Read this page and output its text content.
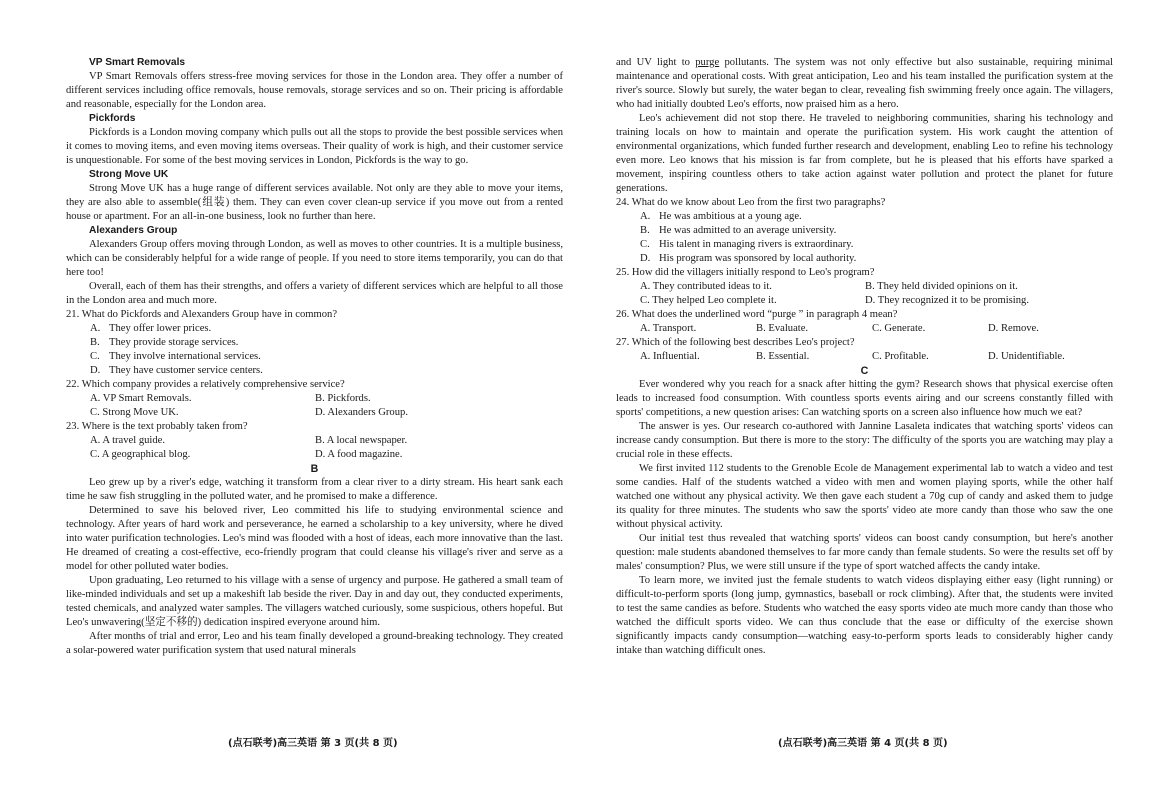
VP Smart Removals

VP Smart Removals offers stress-free moving services for those in the London area. They offer a number of different services including office removals, house removals, storage services and so on. Their pricing is affordable and reasonable, especially for the London area.

Pickfords

Pickfords is a London moving company which pulls out all the stops to provide the best possible services when it comes to moving items, and even moving items overseas. Their quality of work is high, and their customer service is unquestionable. For some of the best moving services in London, Pickfords is the way to go.

Strong Move UK

Strong Move UK has a huge range of different services available. Not only are they able to move your items, they are also able to assemble(组装) them. They can even cover clean-up service if you move out from a rented house or apartment. For an all-in-one business, look no further than here.

Alexanders Group

Alexanders Group offers moving through London, as well as moves to other countries. It is a multiple business, which can be considerably helpful for a wide range of people. If you need to store items temporarily, you can do that here too!

Overall, each of them has their strengths, and offers a variety of different services which are helpful to all those in the London area and much more.

21. What do Pickfords and Alexanders Group have in common?

A. They offer lower prices.
B. They provide storage services.
C. They involve international services.
D. They have customer service centers.

22. Which company provides a relatively comprehensive service?

A. VP Smart Removals.	B. Pickfords.
C. Strong Move UK.	D. Alexanders Group.

23. Where is the text probably taken from?

A. A travel guide.	B. A local newspaper.
C. A geographical blog.	D. A food magazine.

B

Leo grew up by a river's edge, watching it transform from a clear river to a dirty stream. His heart sank each time he saw fish struggling in the polluted water, and he promised to make a difference.

Determined to save his beloved river, Leo committed his life to studying environmental science and technology. After years of hard work and perseverance, he earned a scholarship to a key university, where he dived into water purification technologies. Leo's mind was flooded with a host of ideas, each more innovative than the last. He dreamed of creating a cost-effective, eco-friendly program that could cleanse his village's river and serve as a model for other polluted water bodies.

Upon graduating, Leo returned to his village with a sense of urgency and purpose. He gathered a small team of like-minded individuals and set up a makeshift lab beside the river. Day in and day out, they conducted experiments, tested chemicals, and analyzed water samples. The villagers watched curiously, some suspicious, others hopeful. But Leo's unwavering(坚定不移的) dedication inspired everyone around him.

After months of trial and error, Leo and his team finally developed a ground-breaking technology. They created a solar-powered water purification system that used natural minerals

and UV light to purge pollutants. The system was not only effective but also sustainable, requiring minimal maintenance and operational costs. With great anticipation, Leo and his team installed the purification system at the river's source. Slowly but surely, the water began to clear, revealing fish swimming freely once again. The villagers, who had initially doubted Leo's efforts, now praised him as a hero.

Leo's achievement did not stop there. He traveled to neighboring communities, sharing his technology and training locals on how to maintain and operate the purification system. His work caught the attention of environmental organizations, which funded further research and development, enabling Leo to refine his technology even more. Leo knows that his mission is far from complete, but he is pleased that his efforts have sparked a movement, inspiring countless others to take action against water pollution and protect the planet for future generations.

24. What do we know about Leo from the first two paragraphs?

A. He was ambitious at a young age.
B. He was admitted to an average university.
C. His talent in managing rivers is extraordinary.
D. His program was sponsored by local authority.

25. How did the villagers initially respond to Leo's program?

A. They contributed ideas to it.	B. They held divided opinions on it.
C. They helped Leo complete it.	D. They recognized it to be promising.

26. What does the underlined word “purge ” in paragraph 4 mean?

A. Transport.	B. Evaluate.	C. Generate.	D. Remove.

27. Which of the following best describes Leo's project?

A. Influential.	B. Essential.	C. Profitable.	D. Unidentifiable.

C

Ever wondered why you reach for a snack after hitting the gym? Research shows that physical exercise often leads to increased food consumption. With countless sports events airing and our screens constantly filled with sports' competitions, a new question arises: Can watching sports on a screen also influence how much we eat?

The answer is yes. Our research co-authored with Jannine Lasaleta indicates that watching sports' videos can increase candy consumption. But there is more to the story: The difficulty of the sports you are watching may play a crucial role in these effects.

We first invited 112 students to the Grenoble Ecole de Management experimental lab to watch a video and test some candies. Half of the students watched a video with men and women playing sports, while the other half watched one without any physical activity. We then gave each student a 70g cup of candy and asked them to judge its quality for three minutes. The students who saw the sports' video ate more candy than those who saw the one without physical activity.

Our initial test thus revealed that watching sports' videos can boost candy consumption, but here's another question: male students abandoned themselves to far more candy than female students. So were the results set off by males' consumption? Plus, we were still unsure if the type of sport watched affects the candy intake.

To learn more, we invited just the female students to watch videos displaying either easy (light running) or difficult-to-perform sports (long jump, gymnastics, baseball or rock climbing). After that, the students were invited to test the same candies as before. Students who watched the easy sports video ate much more candy than those who watched the difficult sports video. We can thus conclude that the ease or difficulty of the exercise shown significantly impacts candy consumption—watching easy-to-perform sports leads to considerably higher candy intake than watching difficult ones.

(点石联考)高三英语 第 3 页(共 8 页)	(点石联考)高三英语 第 4 页(共 8 页)
